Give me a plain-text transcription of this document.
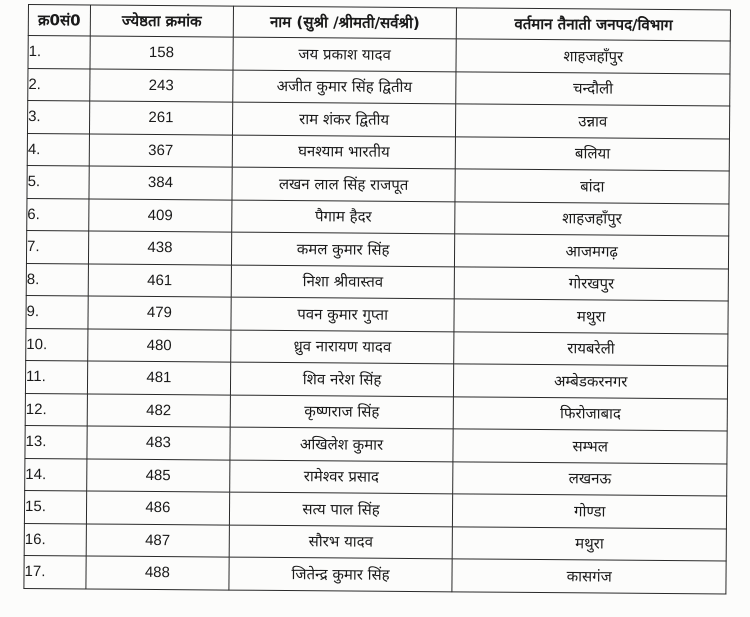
क्र0सं0	ज्येष्ठता क्रमांक	नाम (सुश्री /श्रीमती/सर्वश्री)	वर्तमान तैनाती जनपद/विभाग
1.	158	जय प्रकाश यादव	शाहजहाँपुर
2.	243	अजीत कुमार सिंह द्वितीय	चन्दौली
3.	261	राम शंकर द्वितीय	उन्नाव
4.	367	घनश्याम भारतीय	बलिया
5.	384	लखन लाल सिंह राजपूत	बांदा
6.	409	पैगाम हैदर	शाहजहाँपुर
7.	438	कमल कुमार सिंह	आजमगढ़
8.	461	निशा श्रीवास्तव	गोरखपुर
9.	479	पवन कुमार गुप्ता	मथुरा
10.	480	ध्रुव नारायण यादव	रायबरेली
11.	481	शिव नरेश सिंह	अम्बेडकरनगर
12.	482	कृष्णराज सिंह	फिरोजाबाद
13.	483	अखिलेश कुमार	सम्भल
14.	485	रामेश्वर प्रसाद	लखनऊ
15.	486	सत्य पाल सिंह	गोण्डा
16.	487	सौरभ यादव	मथुरा
17.	488	जितेन्द्र कुमार सिंह	कासगंज
